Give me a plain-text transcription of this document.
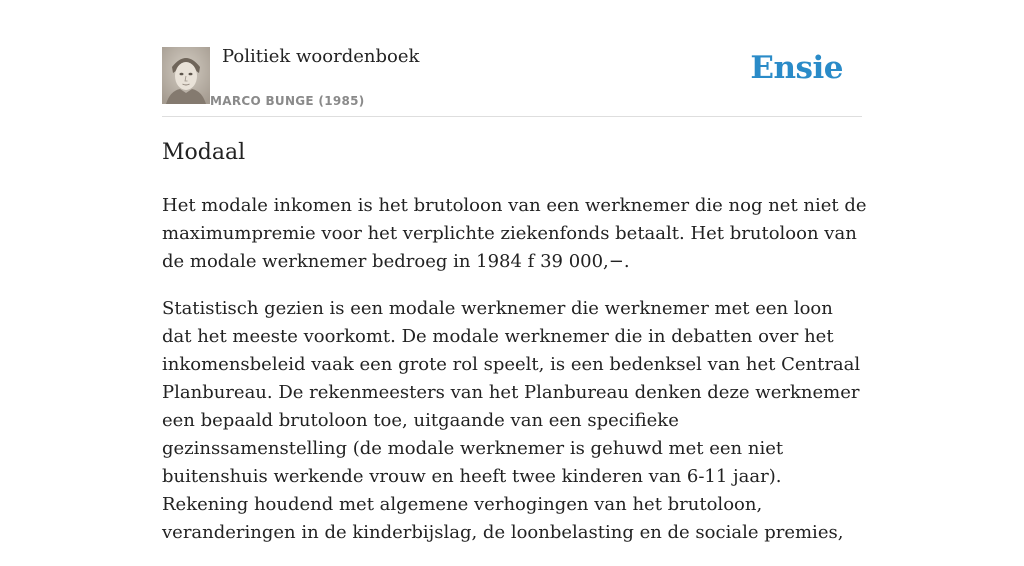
Politiek woordenboek
MARCO BUNGE (1985)
Ensie
Modaal

Het modale inkomen is het brutoloon van een werknemer die nog net niet de maximumpremie voor het verplichte ziekenfonds betaalt. Het brutoloon van de modale werknemer bedroeg in 1984 f 39 000,−.

Statistisch gezien is een modale werknemer die werknemer met een loon dat het meeste voorkomt. De modale werknemer die in debatten over het inkomensbeleid vaak een grote rol speelt, is een bedenksel van het Centraal Planbureau. De rekenmeesters van het Planbureau denken deze werknemer een bepaald brutoloon toe, uitgaande van een specifieke gezinssamenstelling (de modale werknemer is gehuwd met een niet buitenshuis werkende vrouw en heeft twee kinderen van 6-11 jaar). Rekening houdend met algemene verhogingen van het brutoloon, veranderingen in de kinderbijslag, de loonbelasting en de sociale premies,
